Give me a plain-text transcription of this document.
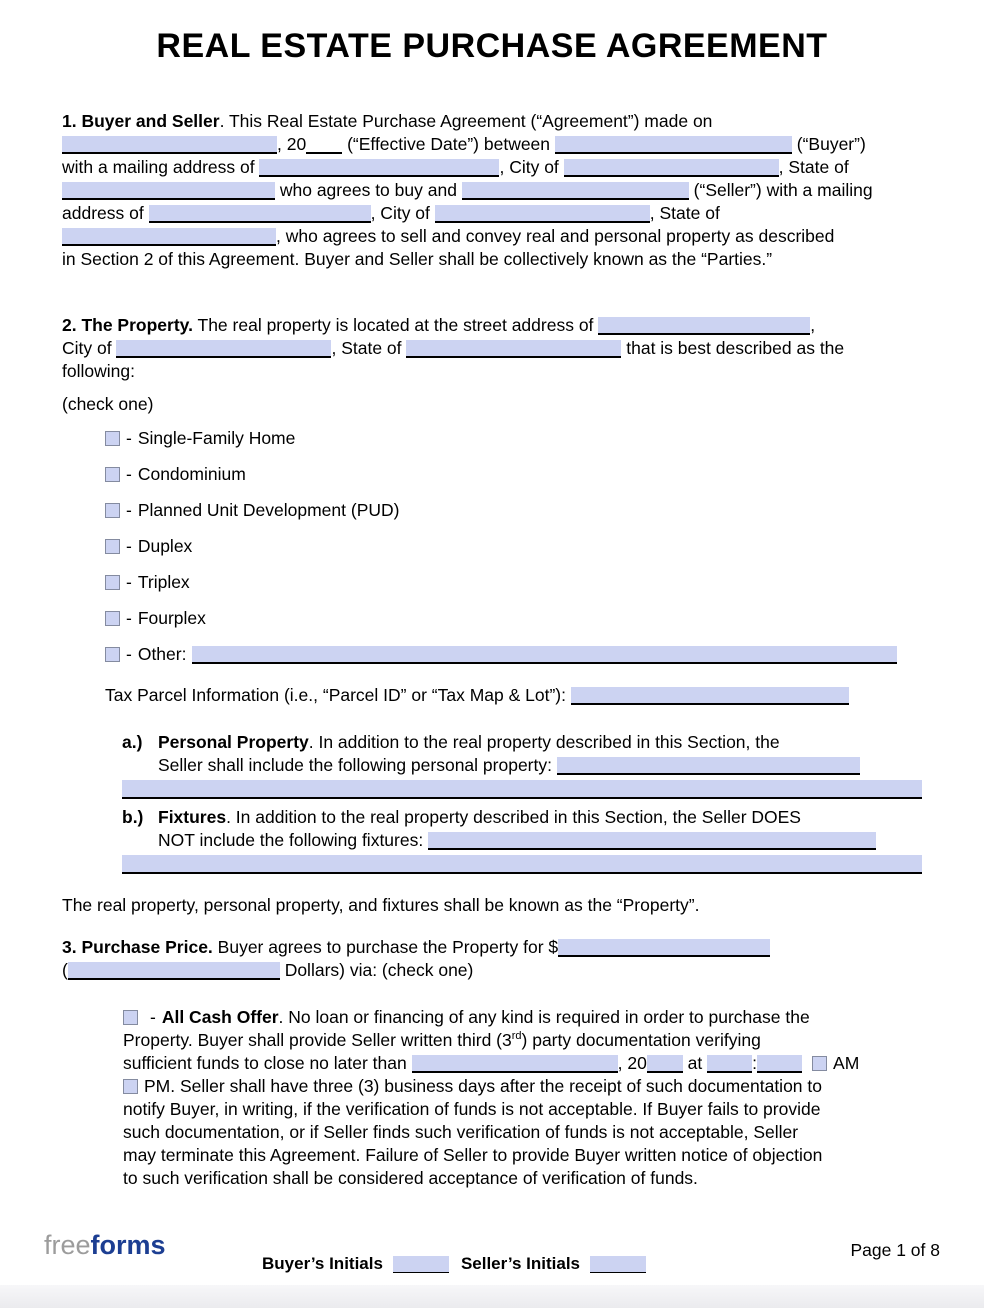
REAL ESTATE PURCHASE AGREEMENT

1. Buyer and Seller. This Real Estate Purchase Agreement (“Agreement”) made on
, 20 (“Effective Date”) between	(“Buyer”)
with a mailing address of	, City of	, State of
who agrees to buy and	(“Seller”) with a mailing
address of	, City of	, State of
, who agrees to sell and convey real and personal property as described
in Section 2 of this Agreement. Buyer and Seller shall be collectively known as the “Parties.”

2. The Property. The real property is located at the street address of	,
City of	, State of	that is best described as the
following:

(check one)

- Single-Family Home
- Condominium
- Planned Unit Development (PUD)
- Duplex
- Triplex
- Fourplex
- Other:

Tax Parcel Information (i.e., “Parcel ID” or “Tax Map & Lot”):

a.) Personal Property. In addition to the real property described in this Section, the
Seller shall include the following personal property:
b.) Fixtures. In addition to the real property described in this Section, the Seller DOES
NOT include the following fixtures:

The real property, personal property, and fixtures shall be known as the “Property”.

3. Purchase Price. Buyer agrees to purchase the Property for $
(	Dollars) via: (check one)

- All Cash Offer. No loan or financing of any kind is required in order to purchase the
Property. Buyer shall provide Seller written third (3rd) party documentation verifying
sufficient funds to close no later than	, 20 at	:	AM
PM. Seller shall have three (3) business days after the receipt of such documentation to
notify Buyer, in writing, if the verification of funds is not acceptable. If Buyer fails to provide
such documentation, or if Seller finds such verification of funds is not acceptable, Seller
may terminate this Agreement. Failure of Seller to provide Buyer written notice of objection
to such verification shall be considered acceptance of verification of funds.
freeforms
Buyer’s Initials	Seller’s Initials
Page 1 of 8
